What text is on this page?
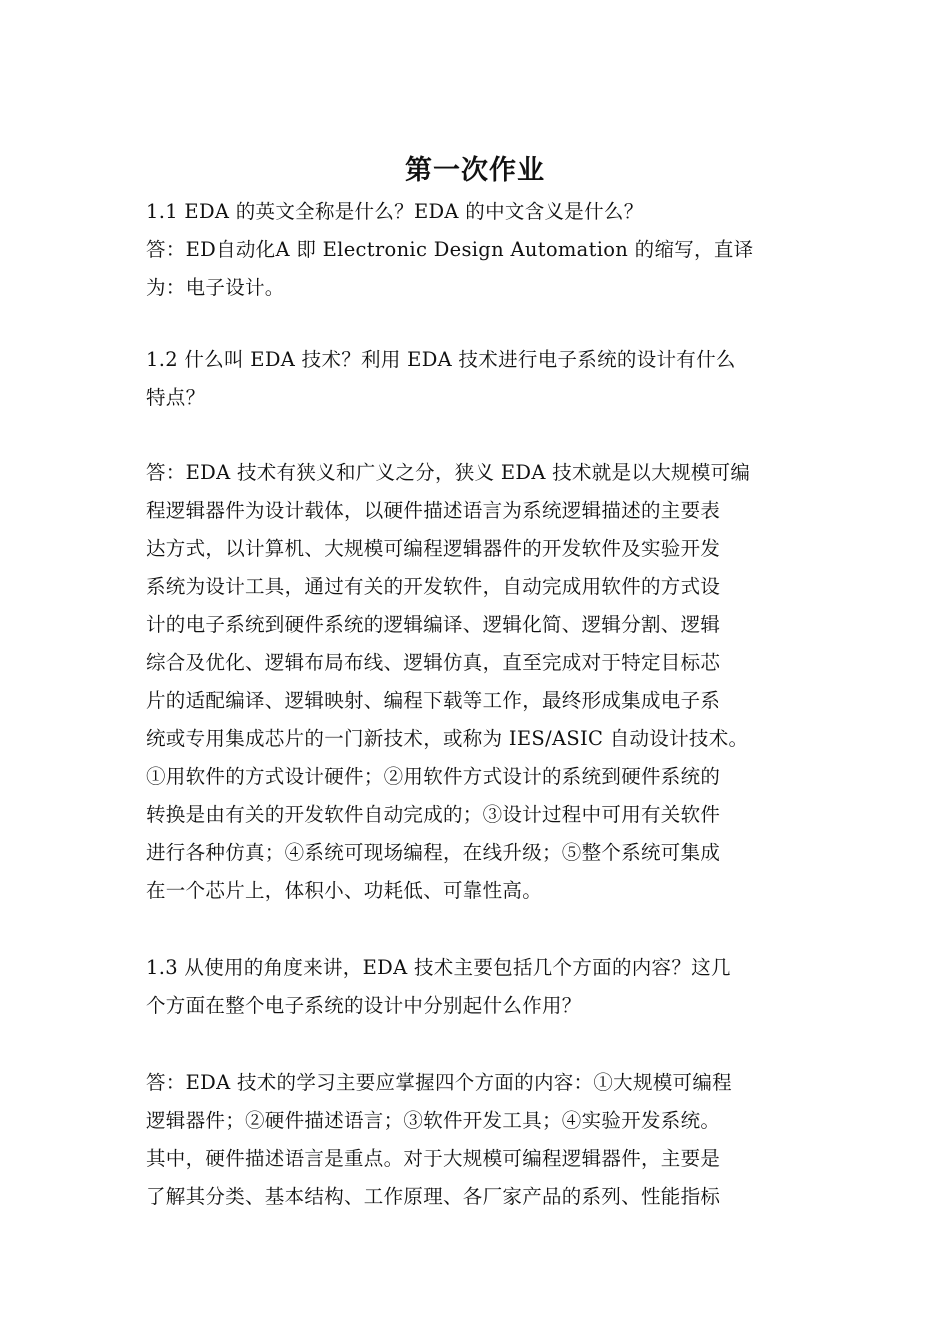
第一次作业
1.1 EDA 的英文全称是什么？EDA 的中文含义是什么？
答：ED自动化A 即 Electronic Design Automation 的缩写，直译
为：电子设计。
1.2 什么叫 EDA 技术？利用 EDA 技术进行电子系统的设计有什么
特点？
答：EDA 技术有狭义和广义之分，狭义 EDA 技术就是以大规模可编
程逻辑器件为设计载体，以硬件描述语言为系统逻辑描述的主要表
达方式，以计算机、大规模可编程逻辑器件的开发软件及实验开发
系统为设计工具，通过有关的开发软件，自动完成用软件的方式设
计的电子系统到硬件系统的逻辑编译、逻辑化简、逻辑分割、逻辑
综合及优化、逻辑布局布线、逻辑仿真，直至完成对于特定目标芯
片的适配编译、逻辑映射、编程下载等工作，最终形成集成电子系
统或专用集成芯片的一门新技术，或称为 IES/ASIC 自动设计技术。
①用软件的方式设计硬件；②用软件方式设计的系统到硬件系统的
转换是由有关的开发软件自动完成的；③设计过程中可用有关软件
进行各种仿真；④系统可现场编程，在线升级；⑤整个系统可集成
在一个芯片上，体积小、功耗低、可靠性高。
1.3 从使用的角度来讲，EDA 技术主要包括几个方面的内容？这几
个方面在整个电子系统的设计中分别起什么作用？
答：EDA 技术的学习主要应掌握四个方面的内容：①大规模可编程
逻辑器件；②硬件描述语言；③软件开发工具；④实验开发系统。
其中，硬件描述语言是重点。对于大规模可编程逻辑器件，主要是
了解其分类、基本结构、工作原理、各厂家产品的系列、性能指标
